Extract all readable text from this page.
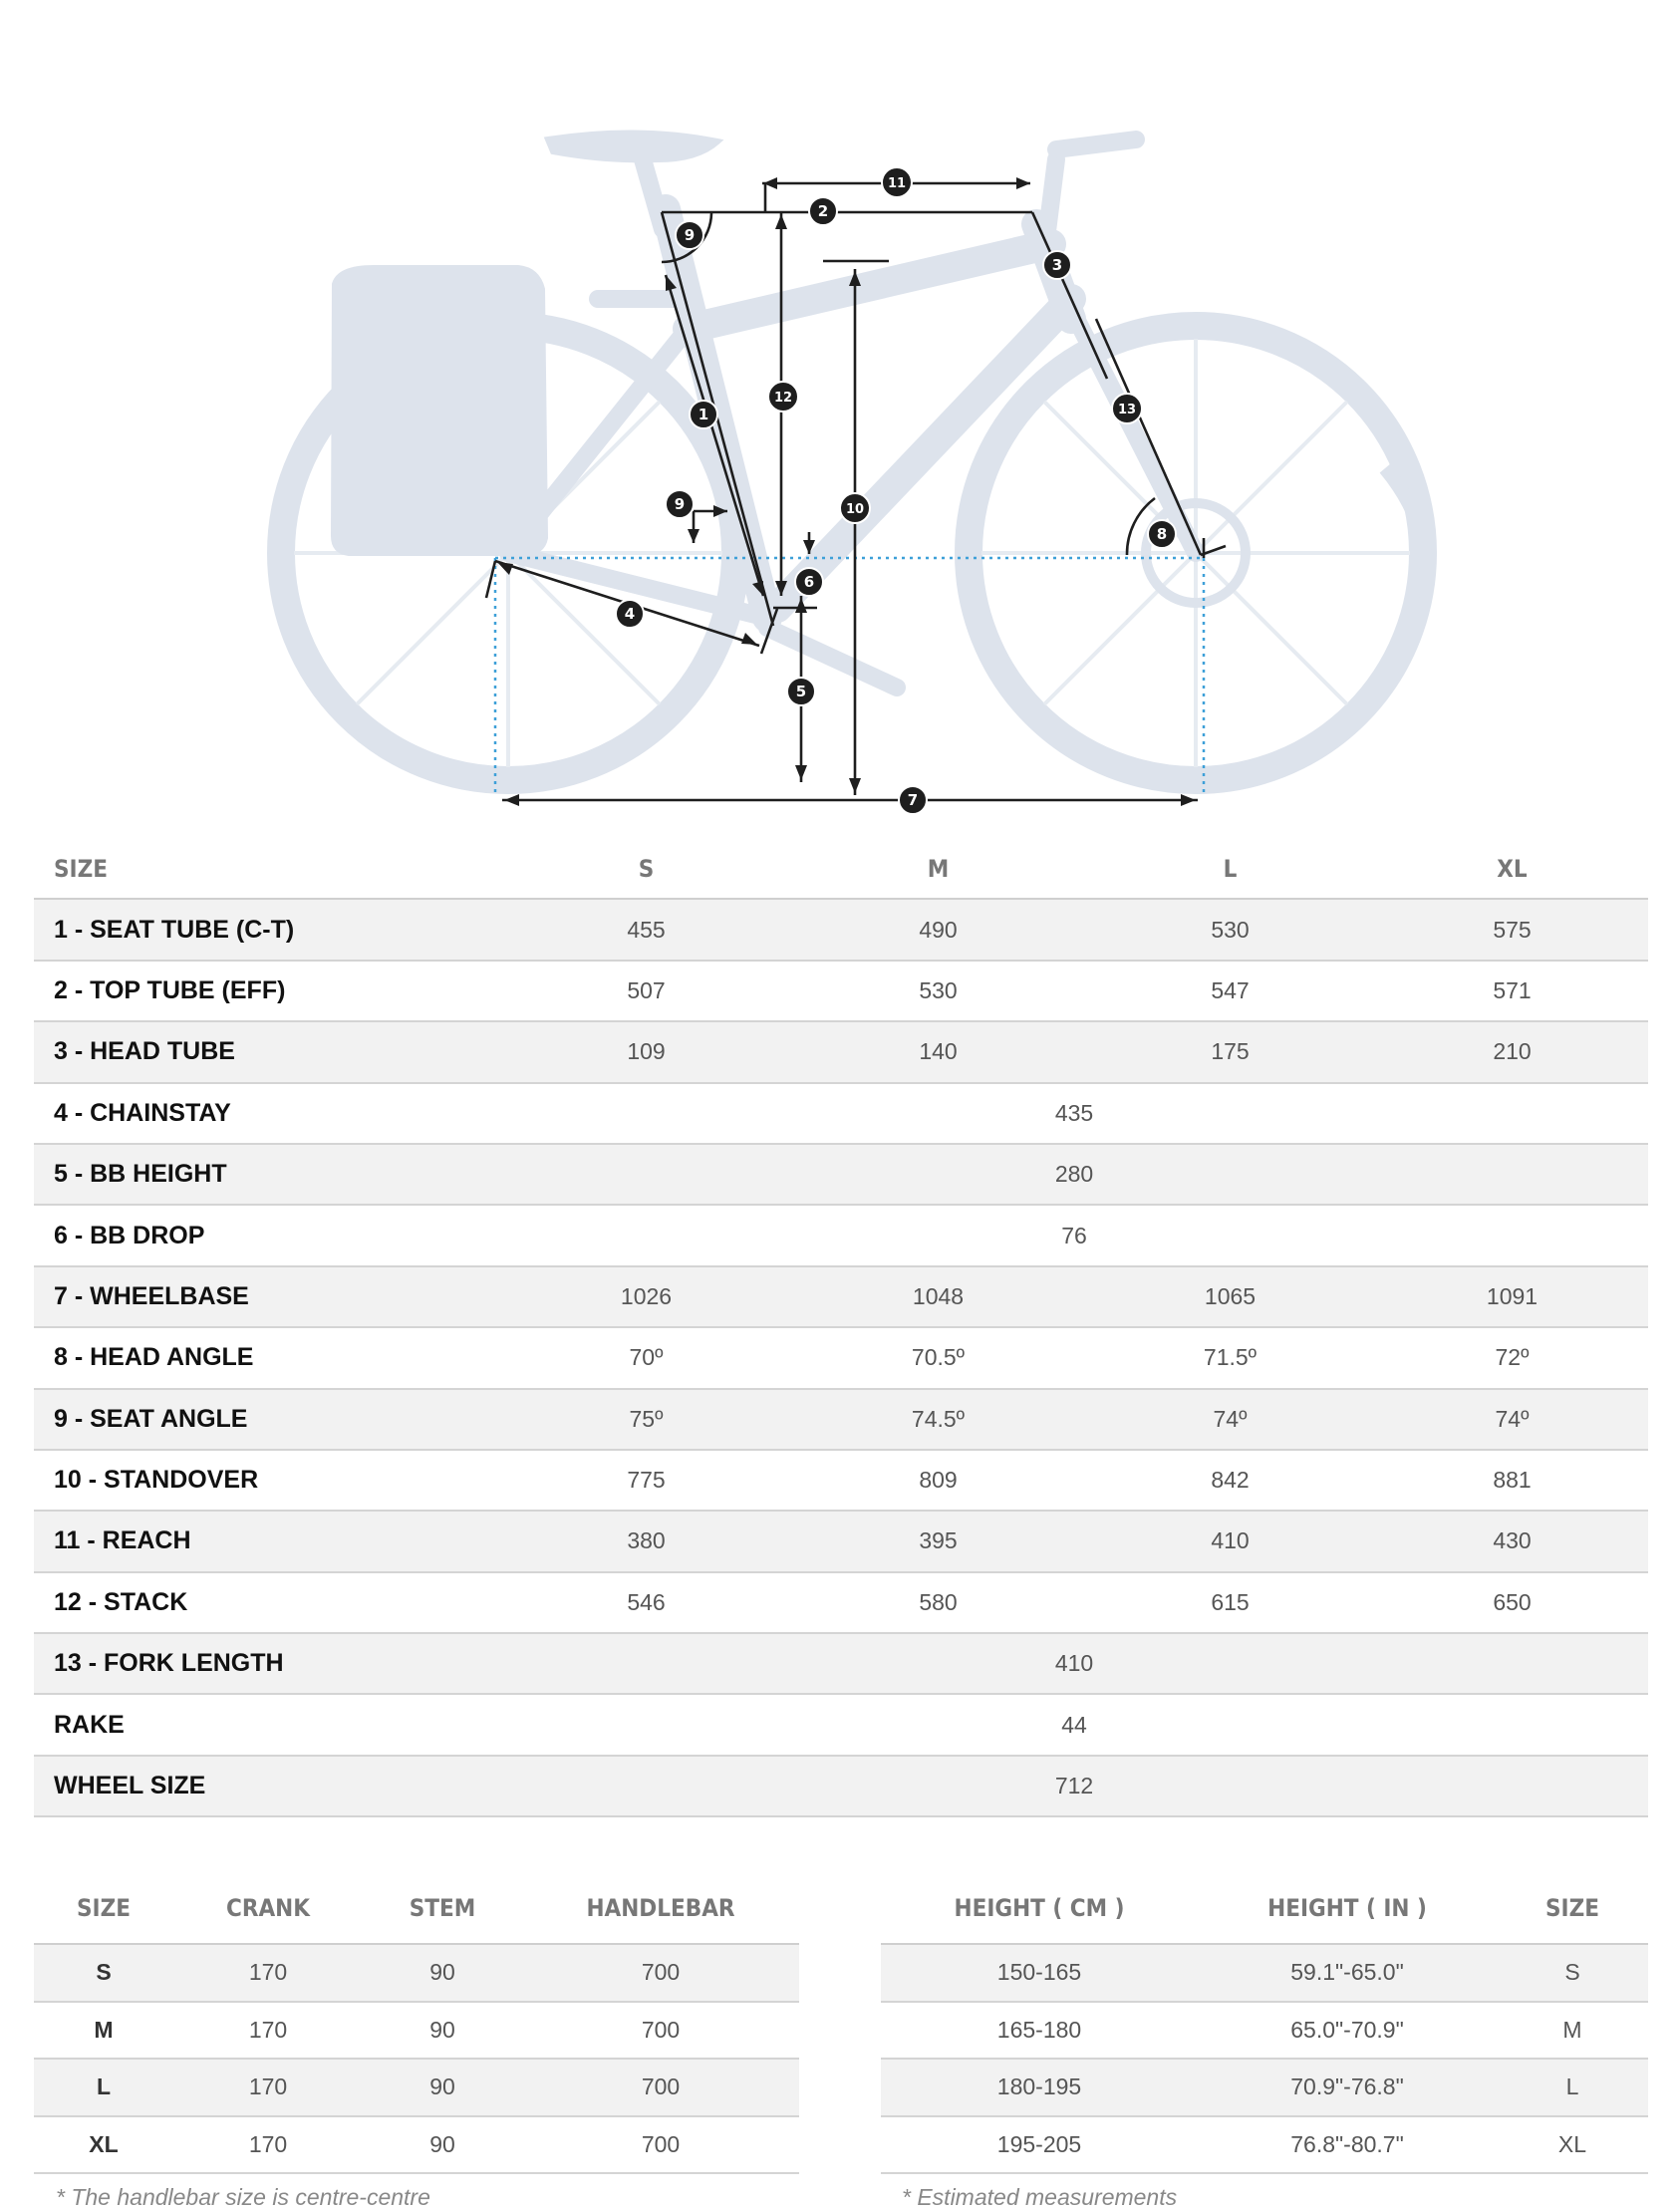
1
2
3
4
5
6
7
8
9
9	10
11
12
13
SIZE	S	M	L	XL
1 - SEAT TUBE (C-T)	455	490	530	575
2 - TOP TUBE (EFF)	507	530	547	571
3 - HEAD TUBE	109	140	175	210
4 - CHAINSTAY	435			
5 - BB HEIGHT	280			
6 - BB DROP	76			
7 - WHEELBASE	1026	1048	1065	1091
8 - HEAD ANGLE	70º	70.5º	71.5º	72º
9 - SEAT ANGLE	75º	74.5º	74º	74º
10 - STANDOVER	775	809	842	881
11 - REACH	380	395	410	430
12 - STACK	546	580	615	650
13 - FORK LENGTH	410			
RAKE	44			
WHEEL SIZE	712			
SIZE	CRANK	STEM	HANDLEBAR
S	170	90	700
M	170	90	700
L	170	90	700
XL	170	90	700
HEIGHT ( CM )	HEIGHT ( IN )	SIZE
150-165	59.1"-65.0"	S
165-180	65.0"-70.9"	M
180-195	70.9"-76.8"	L
195-205	76.8"-80.7"	XL
* The handlebar size is centre-centre	* Estimated measurements
